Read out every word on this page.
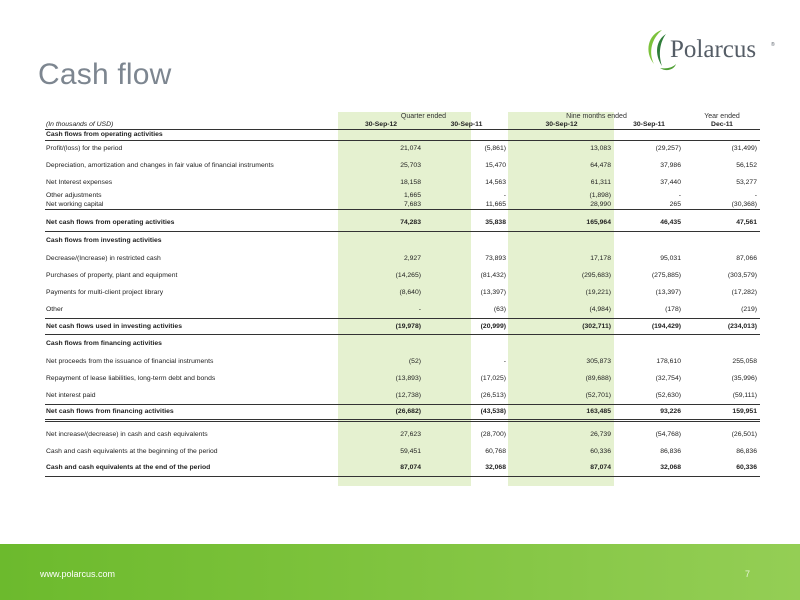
Polarcus	®
Cash flow
	Quarter ended		Nine months ended		Year ended
(In thousands of USD)	30-Sep-12	30-Sep-11	30-Sep-12	30-Sep-11	Dec-11
Cash flows from operating activities					
Profit/(loss) for the period	21,074	(5,861)	13,083	(29,257)	(31,499)
Depreciation, amortization and changes in fair value of financial instruments	25,703	15,470	64,478	37,986	56,152
Net Interest expenses	18,158	14,563	61,311	37,440	53,277
Other adjustments	1,665	-	(1,898)	-	-
Net working capital	7,683	11,665	28,990	265	(30,368)

Net cash flows from operating activities	74,283	35,838	165,964	46,435	47,561
Cash flows from investing activities					
Decrease/(Increase) in restricted cash	2,927	73,893	17,178	95,031	87,066
Purchases of property, plant and equipment	(14,265)	(81,432)	(295,683)	(275,885)	(303,579)
Payments for multi-client project library	(8,640)	(13,397)	(19,221)	(13,397)	(17,282)
Other	-	(63)	(4,984)	(178)	(219)
Net cash flows used in investing activities	(19,978)	(20,999)	(302,711)	(194,429)	(234,013)
Cash flows from financing activities					
Net proceeds from the issuance of financial instruments	(52)	-	305,873	178,610	255,058
Repayment of lease liabilities, long-term debt and bonds	(13,893)	(17,025)	(89,688)	(32,754)	(35,996)
Net interest paid	(12,738)	(26,513)	(52,701)	(52,630)	(59,111)
Net cash flows from financing activities	(26,682)	(43,538)	163,485	93,226	159,951

Net increase/(decrease) in cash and cash equivalents	27,623	(28,700)	26,739	(54,768)	(26,501)
Cash and cash equivalents at the beginning of the period	59,451	60,768	60,336	86,836	86,836
Cash and cash equivalents at the end of the period	87,074	32,068	87,074	32,068	60,336
www.polarcus.com	7
